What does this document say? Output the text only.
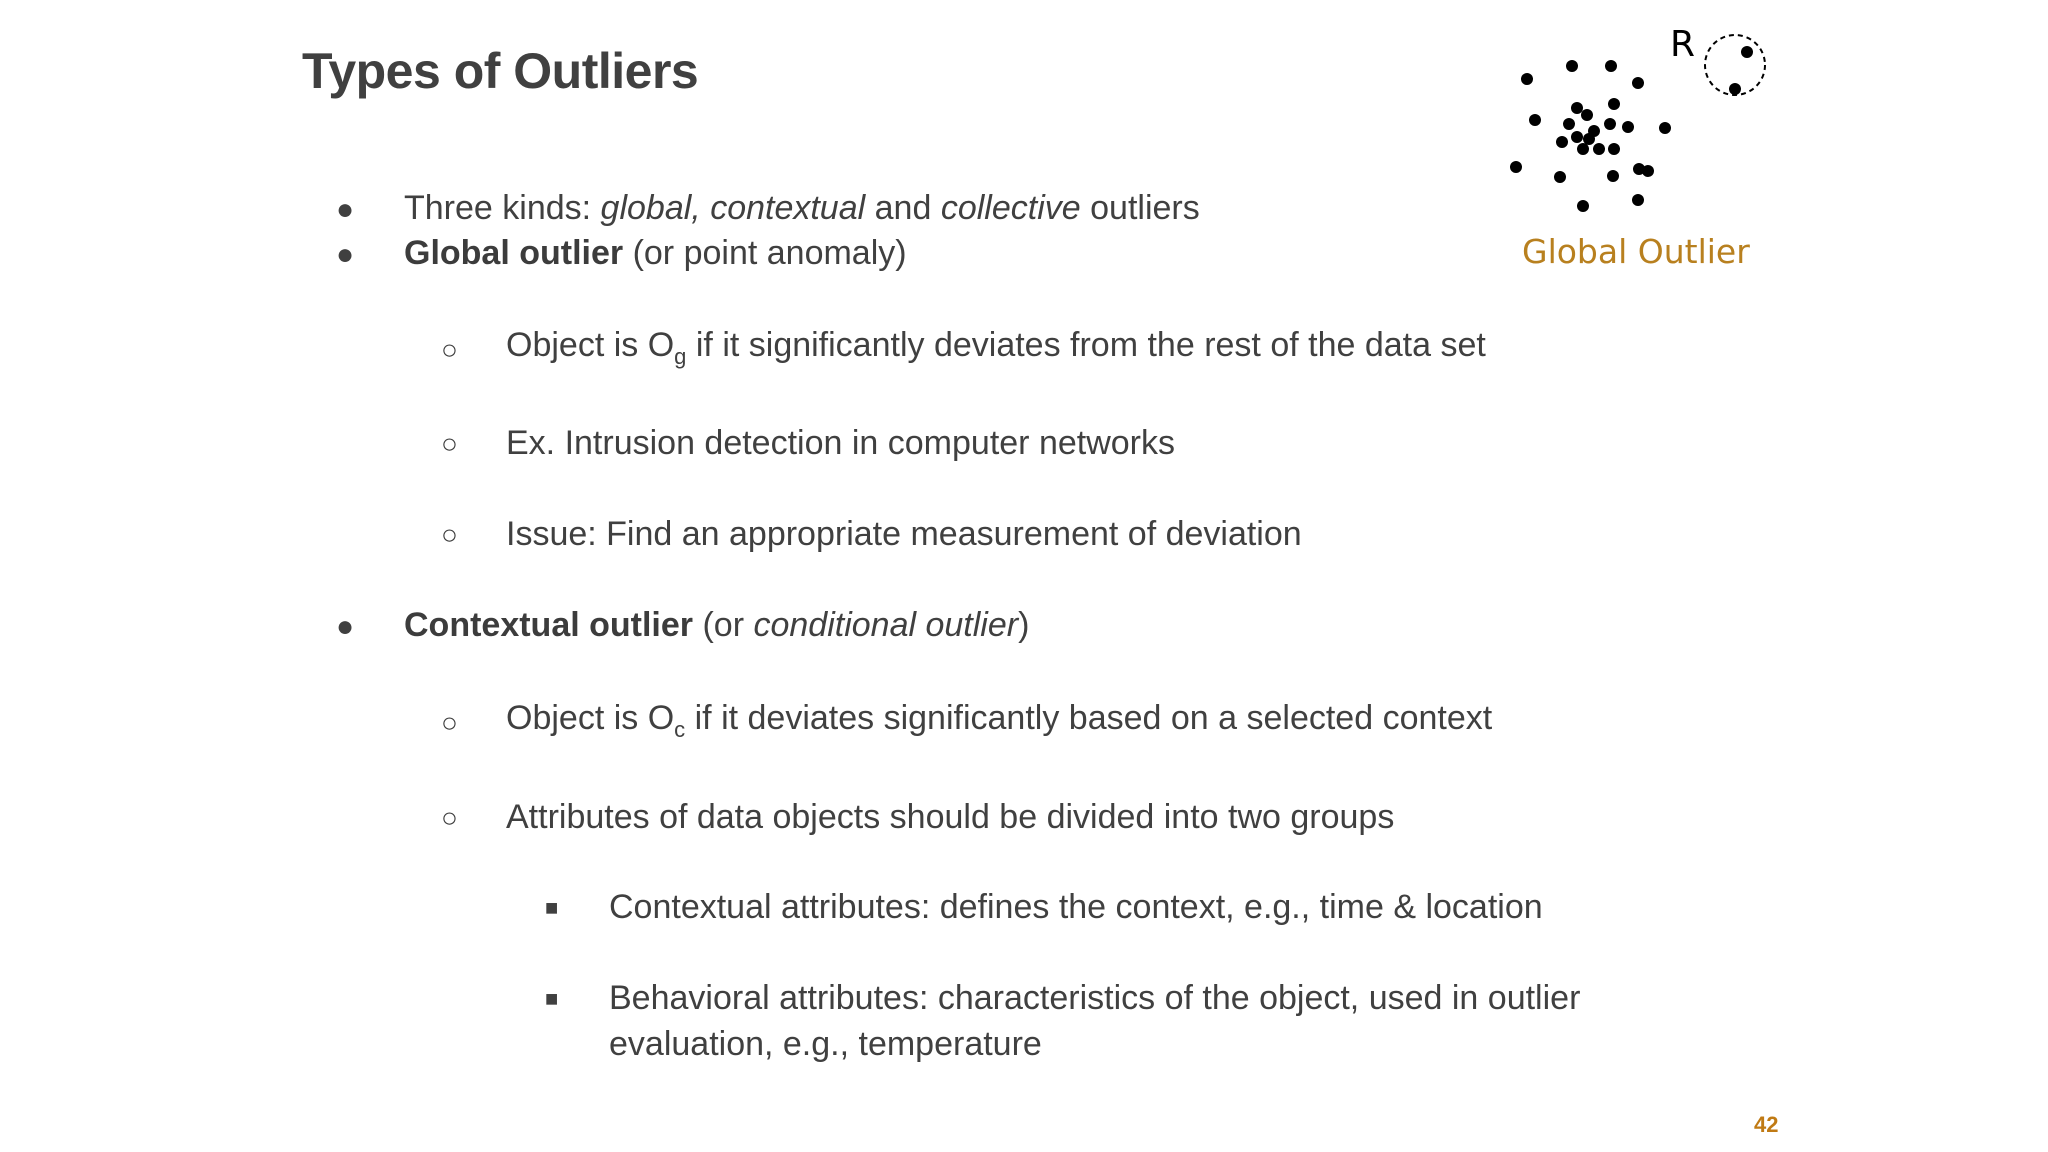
Types of Outliers
● Three kinds: global, contextual and collective outliers
● Global outlier (or point anomaly)
○ Object is $O_g$ if it significantly deviates from the rest of the data set
○ Ex. Intrusion detection in computer networks
○ Issue: Find an appropriate measurement of deviation
● Contextual outlier (or conditional outlier)
○ Object is $O_c$ if it deviates significantly based on a selected context
○ Attributes of data objects should be divided into two groups
■ Contextual attributes: defines the context, e.g., time & location
■ Behavioral attributes: characteristics of the object, used in outlier
evaluation, e.g., temperature
R
Global Outlier
42
